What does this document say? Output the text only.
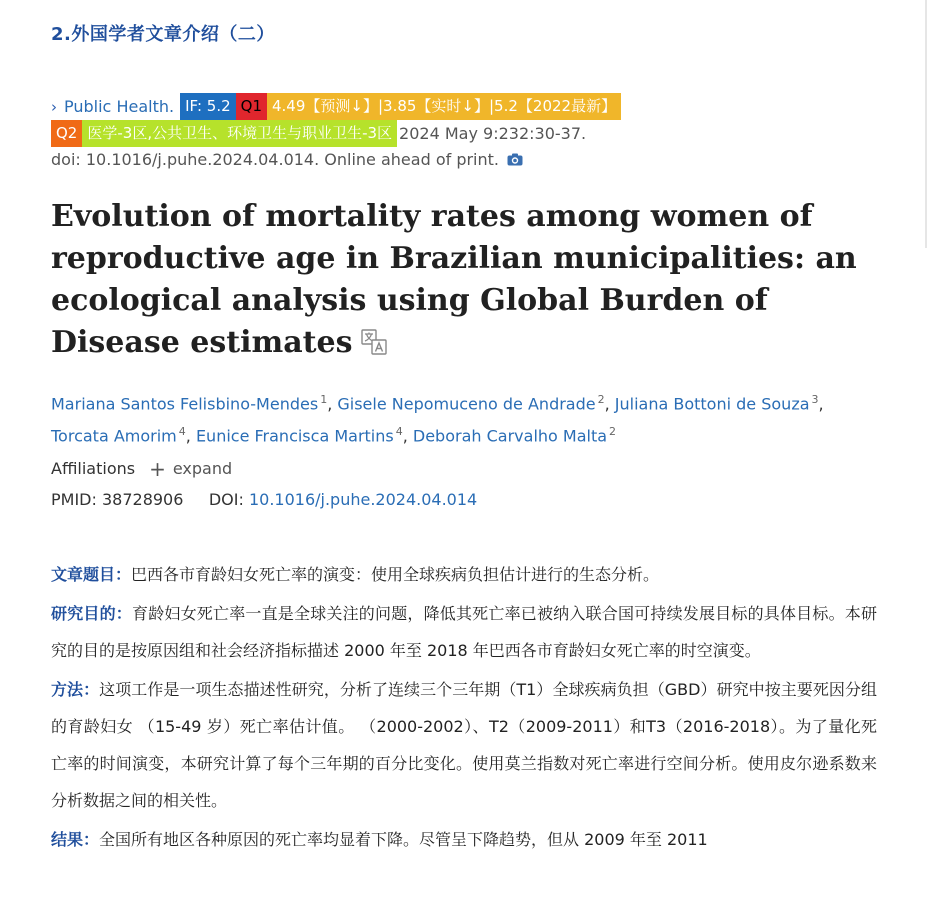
2.外国学者文章介绍（二）
› Public Health. IF: 5.2 Q1 4.49【预测↓】|3.85【实时↓】|5.2【2022最新】
Q2 医学-3区,公共卫生、环境卫生与职业卫生-3区 2024 May 9:232:30-37.
doi: 10.1016/j.puhe.2024.04.014. Online ahead of print.
Evolution of mortality rates among women of reproductive age in Brazilian municipalities: an ecological analysis using Global Burden of Disease estimates
Mariana Santos Felisbino-Mendes $^1$, Gisele Nepomuceno de Andrade $^2$, Juliana Bottoni de Souza $^3$,
Torcata Amorim $^4$, Eunice Francisca Martins $^4$, Deborah Carvalho Malta $^2$
Affiliations + expand
PMID: 38728906 DOI: 10.1016/j.puhe.2024.04.014

文章题目：巴西各市育龄妇女死亡率的演变：使用全球疾病负担估计进行的生态分析。

研究目的：育龄妇女死亡率一直是全球关注的问题，降低其死亡率已被纳入联合国可持续发展目标的具体目标。本研究的目的是按原因组和社会经济指标描述 2000 年至 2018 年巴西各市育龄妇女死亡率的时空演变。

方法：这项工作是一项生态描述性研究，分析了连续三个三年期（T1）全球疾病负担（GBD）研究中按主要死因分组的育龄妇女 （15-49 岁）死亡率估计值。 （2000-2002）、T2（2009-2011）和T3（2016-2018）。为了量化死亡率的时间演变，本研究计算了每个三年期的百分比变化。使用莫兰指数对死亡率进行空间分析。使用皮尔逊系数来分析数据之间的相关性。

结果：全国所有地区各种原因的死亡率均显着下降。尽管呈下降趋势，但从 2009 年至 2011
